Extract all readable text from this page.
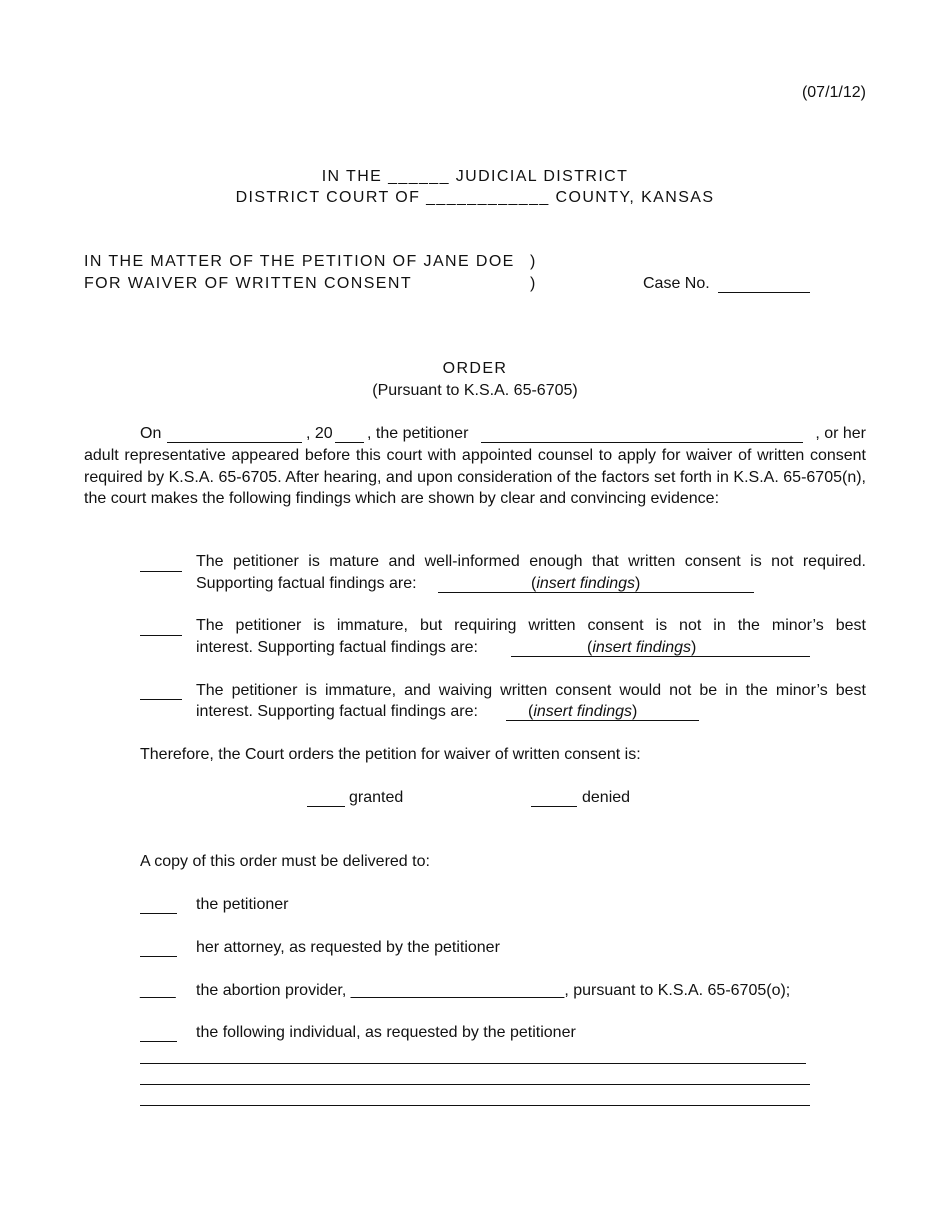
(07/1/12)
IN THE ______ JUDICIAL DISTRICT
DISTRICT COURT OF ____________ COUNTY, KANSAS
IN THE MATTER OF THE PETITION OF JANE DOE
FOR WAIVER OF WRITTEN CONSENT
)
)	Case No.
ORDER
(Pursuant to K.S.A. 65-6705)
On	, 20 , the petitioner	, or her
adult representative appeared before this court with appointed counsel to apply for waiver of written consent required by K.S.A. 65-6705. After hearing, and upon consideration of the factors set forth in K.S.A. 65-6705(n), the court makes the following findings which are shown by clear and convincing evidence:
The petitioner is mature and well-informed enough that written consent is not required.
Supporting factual findings are:	(insert findings)
The petitioner is immature, but requiring written consent is not in the minor’s best
interest. Supporting factual findings are:	(insert findings)
The petitioner is immature, and waiving written consent would not be in the minor’s best
interest. Supporting factual findings are:	(insert findings)
Therefore, the Court orders the petition for waiver of written consent is:
granted	denied
A copy of this order must be delivered to:
the petitioner
her attorney, as requested by the petitioner
____ the abortion provider, ________________________, pursuant to K.S.A. 65-6705(o);
the following individual, as requested by the petitioner
